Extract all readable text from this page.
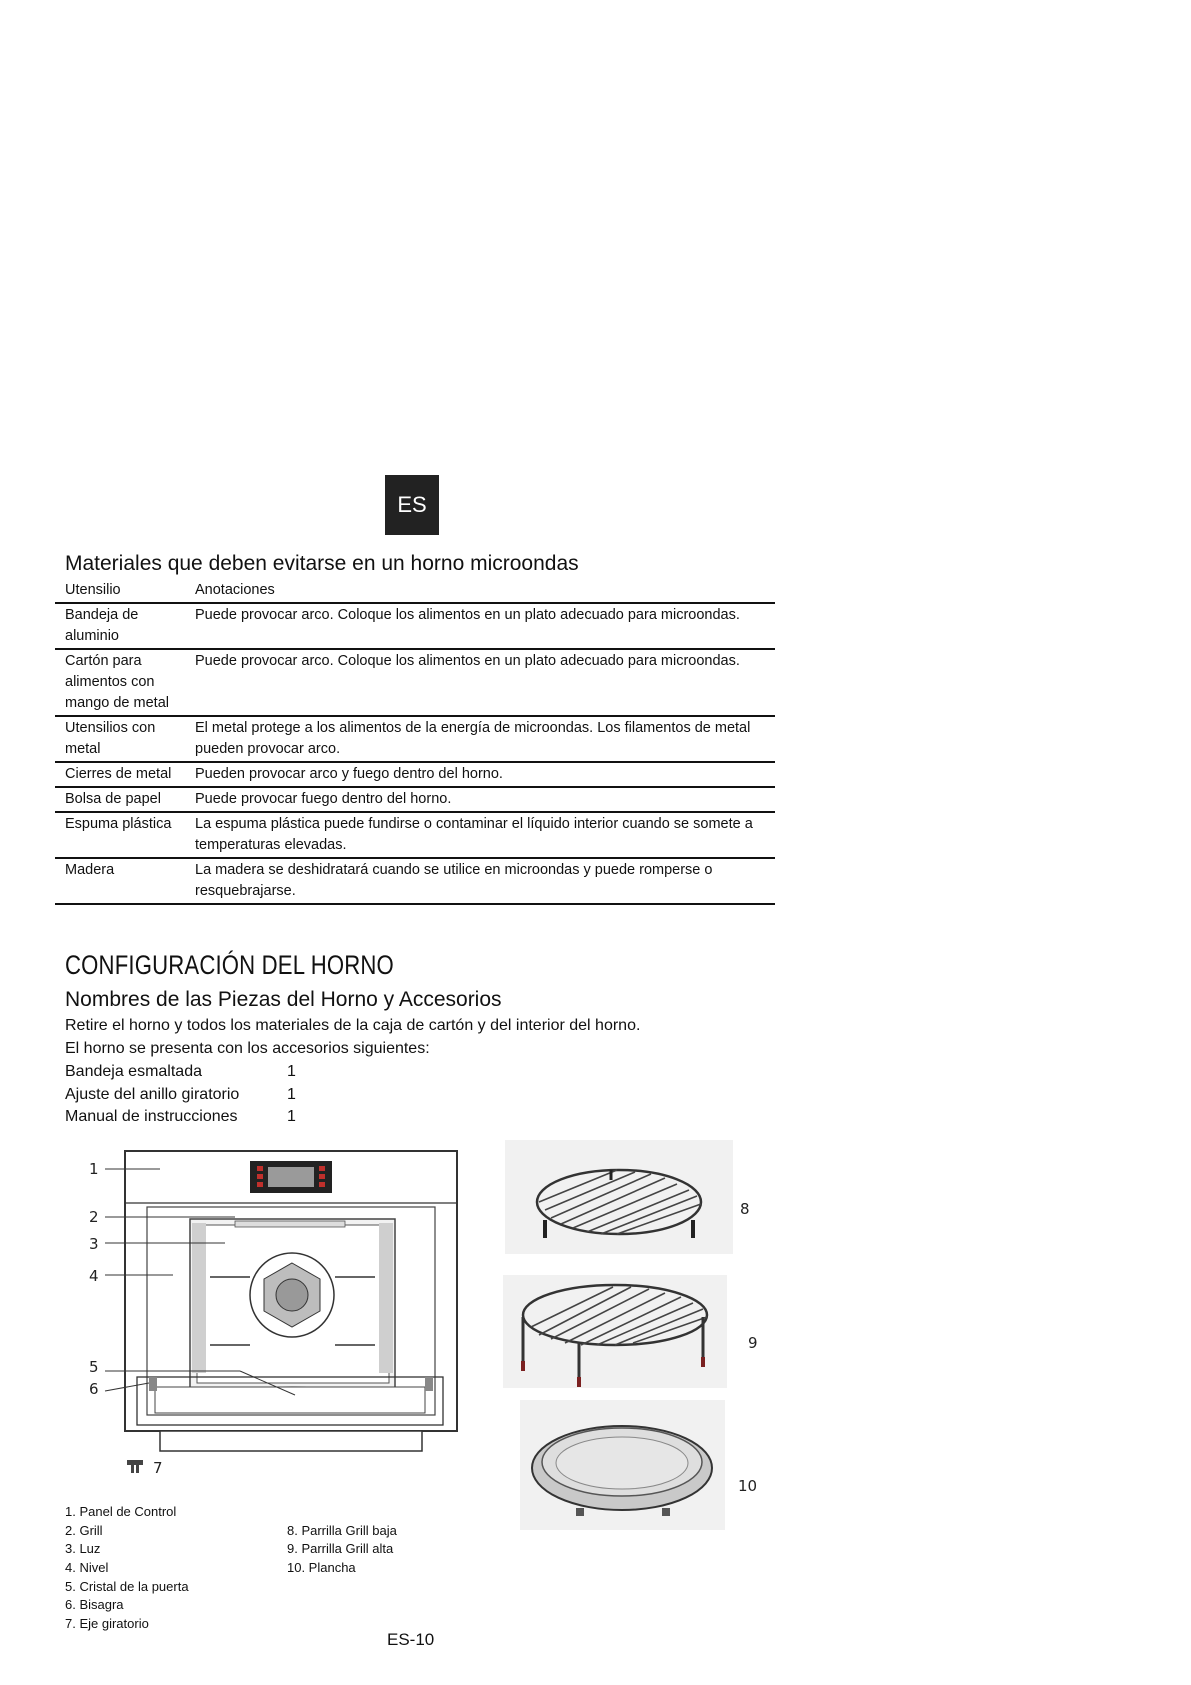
ES
Materiales que deben evitarse en un horno microondas
Utensilio	Anotaciones
Bandeja de aluminio	Puede provocar arco. Coloque los alimentos en un plato adecuado para microondas.
Cartón para alimentos con mango de metal	Puede provocar arco. Coloque los alimentos en un plato adecuado para microondas.
Utensilios con metal	El metal protege a los alimentos de la energía de microondas. Los filamentos de metal pueden provocar arco.
Cierres de metal	Pueden provocar arco y fuego dentro del horno.
Bolsa de papel	Puede provocar fuego dentro del horno.
Espuma plástica	La espuma plástica puede fundirse o contaminar el líquido interior cuando se somete a temperaturas elevadas.
Madera	La madera se deshidratará cuando se utilice en microondas y puede romperse o resquebrajarse.
CONFIGURACIÓN DEL HORNO
Nombres de las Piezas del Horno y Accesorios
Retire el horno y todos los materiales de la caja de cartón y del interior del horno.
El horno se presenta con los accesorios siguientes:
Bandeja esmaltada	1
Ajuste del anillo giratorio	1
Manual de instrucciones	1
1
2
3
4
5
6
7
8
9
10
1. Panel de Control
2. Grill
3. Luz
4. Nivel
5. Cristal de la puerta
6. Bisagra
7. Eje giratorio
8. Parrilla Grill baja
9. Parrilla Grill alta
10. Plancha
ES-10
